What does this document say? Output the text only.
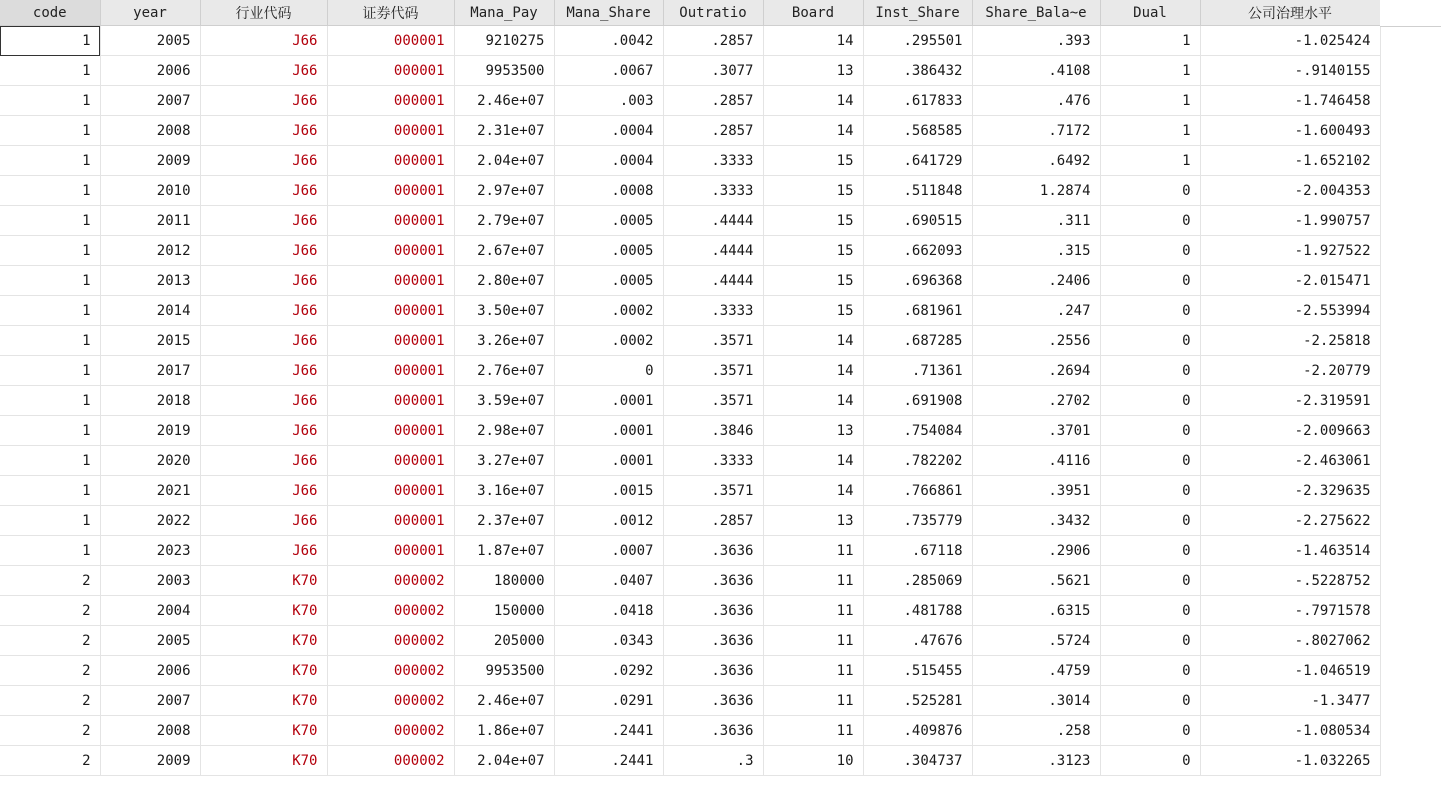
code	year	行业代码	证券代码	Mana_Pay	Mana_Share	Outratio	Board	Inst_Share	Share_Bala~e	Dual	公司治理水平
1	2005	J66	000001	9210275	.0042	.2857	14	.295501	.393	1	-1.025424
1	2006	J66	000001	9953500	.0067	.3077	13	.386432	.4108	1	-.9140155
1	2007	J66	000001	2.46e+07	.003	.2857	14	.617833	.476	1	-1.746458
1	2008	J66	000001	2.31e+07	.0004	.2857	14	.568585	.7172	1	-1.600493
1	2009	J66	000001	2.04e+07	.0004	.3333	15	.641729	.6492	1	-1.652102
1	2010	J66	000001	2.97e+07	.0008	.3333	15	.511848	1.2874	0	-2.004353
1	2011	J66	000001	2.79e+07	.0005	.4444	15	.690515	.311	0	-1.990757
1	2012	J66	000001	2.67e+07	.0005	.4444	15	.662093	.315	0	-1.927522
1	2013	J66	000001	2.80e+07	.0005	.4444	15	.696368	.2406	0	-2.015471
1	2014	J66	000001	3.50e+07	.0002	.3333	15	.681961	.247	0	-2.553994
1	2015	J66	000001	3.26e+07	.0002	.3571	14	.687285	.2556	0	-2.25818
1	2017	J66	000001	2.76e+07	0	.3571	14	.71361	.2694	0	-2.20779
1	2018	J66	000001	3.59e+07	.0001	.3571	14	.691908	.2702	0	-2.319591
1	2019	J66	000001	2.98e+07	.0001	.3846	13	.754084	.3701	0	-2.009663
1	2020	J66	000001	3.27e+07	.0001	.3333	14	.782202	.4116	0	-2.463061
1	2021	J66	000001	3.16e+07	.0015	.3571	14	.766861	.3951	0	-2.329635
1	2022	J66	000001	2.37e+07	.0012	.2857	13	.735779	.3432	0	-2.275622
1	2023	J66	000001	1.87e+07	.0007	.3636	11	.67118	.2906	0	-1.463514
2	2003	K70	000002	180000	.0407	.3636	11	.285069	.5621	0	-.5228752
2	2004	K70	000002	150000	.0418	.3636	11	.481788	.6315	0	-.7971578
2	2005	K70	000002	205000	.0343	.3636	11	.47676	.5724	0	-.8027062
2	2006	K70	000002	9953500	.0292	.3636	11	.515455	.4759	0	-1.046519
2	2007	K70	000002	2.46e+07	.0291	.3636	11	.525281	.3014	0	-1.3477
2	2008	K70	000002	1.86e+07	.2441	.3636	11	.409876	.258	0	-1.080534
2	2009	K70	000002	2.04e+07	.2441	.3	10	.304737	.3123	0	-1.032265
